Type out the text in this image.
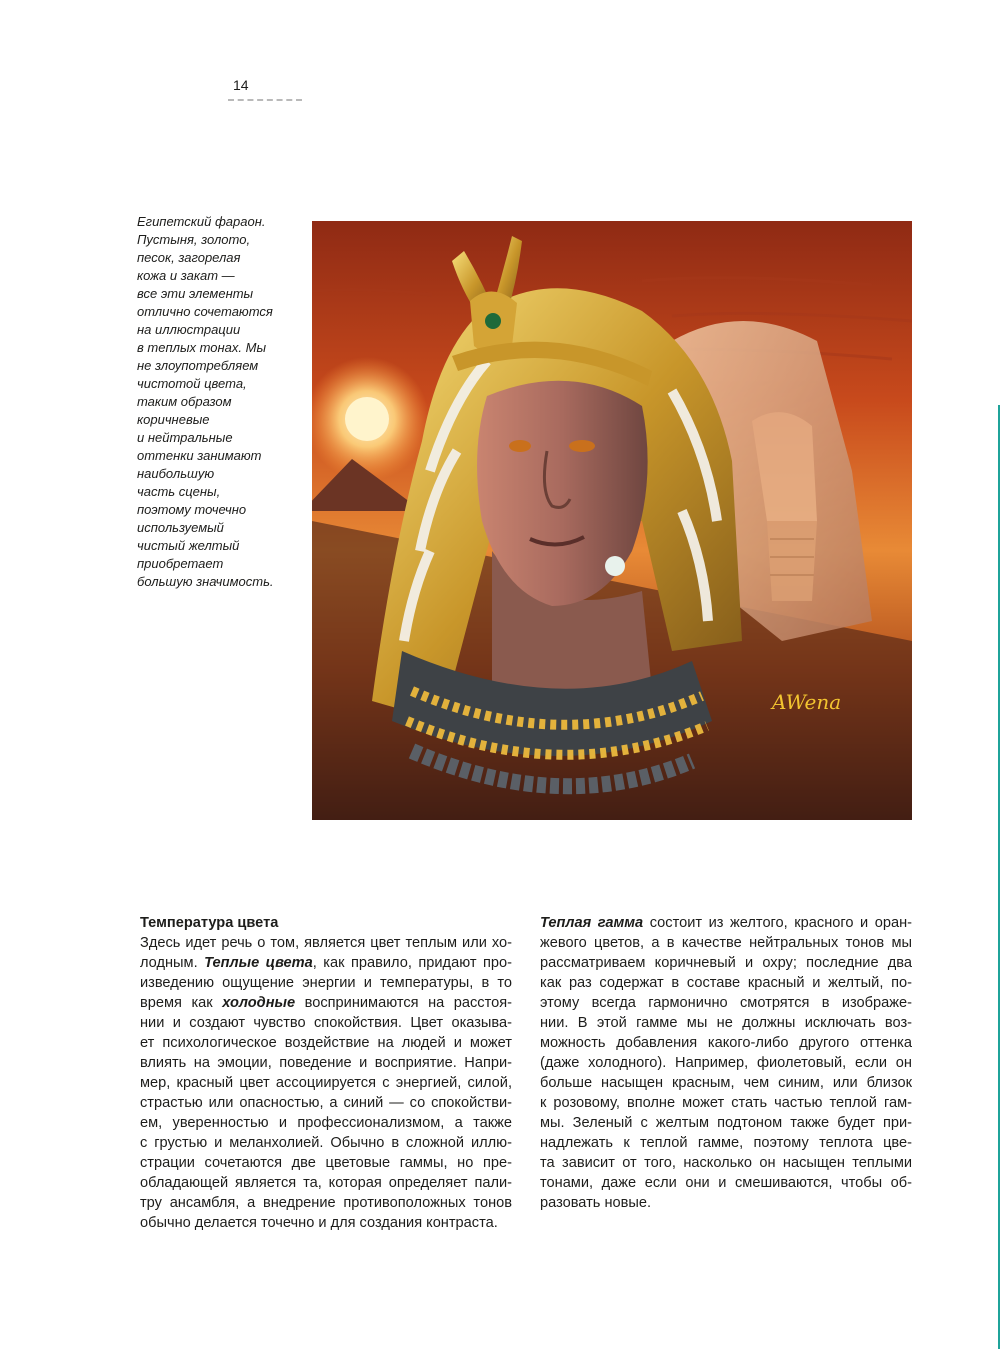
14
Египетский фараон.
Пустыня, золото,
песок, загорелая
кожа и закат —
все эти элементы
отлично сочетаются
на иллюстрации
в теплых тонах. Мы
не злоупотребляем
чистотой цвета,
таким образом
коричневые
и нейтральные
оттенки занимают
наибольшую
часть сцены,
поэтому точечно
используемый
чистый желтый
приобретает
большую значимость.
AWena
Температура цвета
Здесь идет речь о том, является цвет теплым или хо-
лодным. Теплые цвета, как правило, придают про-
изведению ощущение энергии и температуры, в то
время как холодные воспринимаются на расстоя-
нии и создают чувство спокойствия. Цвет оказыва-
ет психологическое воздействие на людей и может
влиять на эмоции, поведение и восприятие. Напри-
мер, красный цвет ассоциируется с энергией, силой,
страстью или опасностью, а синий — со спокойстви-
ем, уверенностью и профессионализмом, а также
с грустью и меланхолией. Обычно в сложной иллю-
страции сочетаются две цветовые гаммы, но пре-
обладающей является та, которая определяет пали-
тру ансамбля, а внедрение противоположных тонов
обычно делается точечно и для создания контраста.
Теплая гамма состоит из желтого, красного и оран-
жевого цветов, а в качестве нейтральных тонов мы
рассматриваем коричневый и охру; последние два
как раз содержат в составе красный и желтый, по-
этому всегда гармонично смотрятся в изображе-
нии. В этой гамме мы не должны исключать воз-
можность добавления какого-либо другого оттенка
(даже холодного). Например, фиолетовый, если он
больше насыщен красным, чем синим, или близок
к розовому, вполне может стать частью теплой гам-
мы. Зеленый с желтым подтоном также будет при-
надлежать к теплой гамме, поэтому теплота цве-
та зависит от того, насколько он насыщен теплыми
тонами, даже если они и смешиваются, чтобы об-
разовать новые.
